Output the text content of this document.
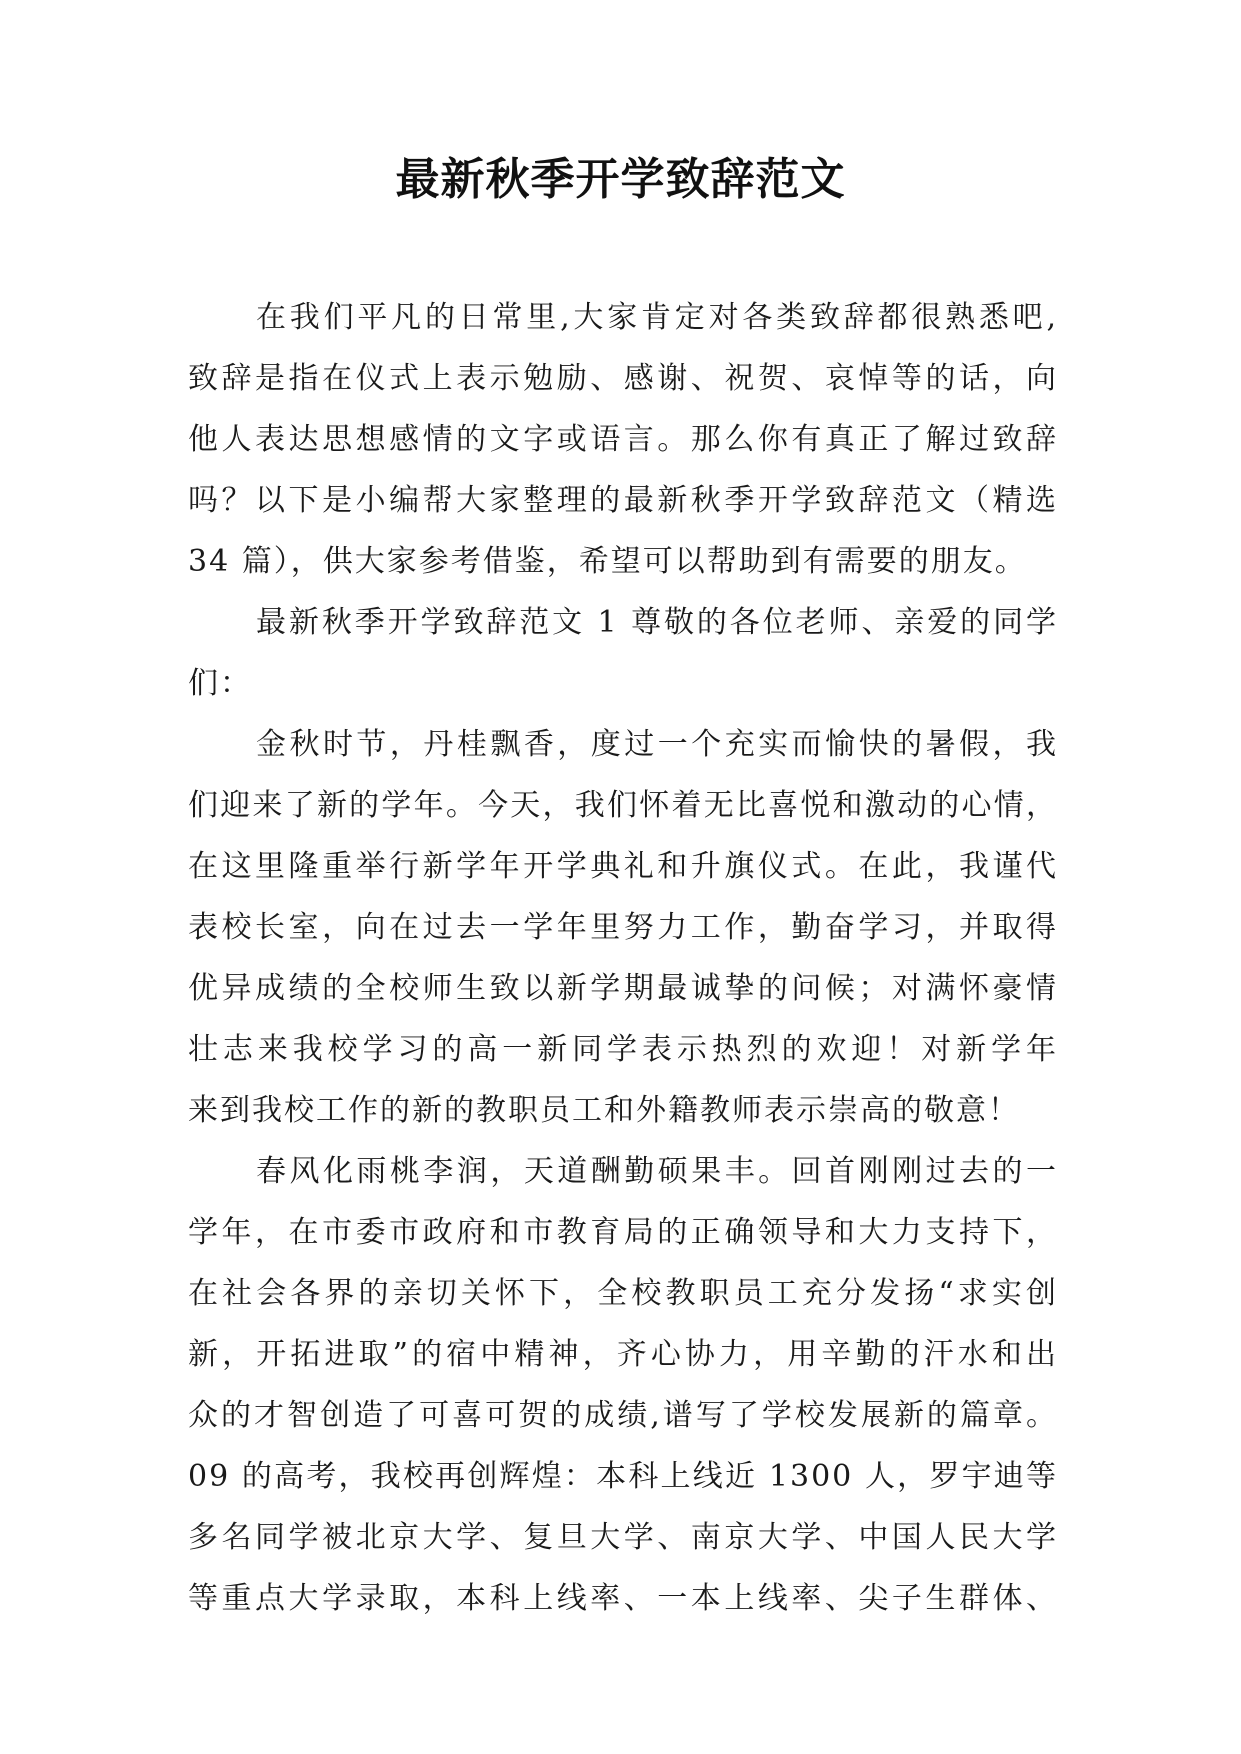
最新秋季开学致辞范文
在我们平凡的日常里,大家肯定对各类致辞都很熟悉吧,
致辞是指在仪式上表示勉励、感谢、祝贺、哀悼等的话，向
他人表达思想感情的文字或语言。那么你有真正了解过致辞
吗？以下是小编帮大家整理的最新秋季开学致辞范文（精选
34 篇），供大家参考借鉴，希望可以帮助到有需要的朋友。
最新秋季开学致辞范文 1 尊敬的各位老师、亲爱的同学
们：
金秋时节，丹桂飘香，度过一个充实而愉快的暑假，我
们迎来了新的学年。今天，我们怀着无比喜悦和激动的心情，
在这里隆重举行新学年开学典礼和升旗仪式。在此，我谨代
表校长室，向在过去一学年里努力工作，勤奋学习，并取得
优异成绩的全校师生致以新学期最诚挚的问候；对满怀豪情
壮志来我校学习的高一新同学表示热烈的欢迎！对新学年
来到我校工作的新的教职员工和外籍教师表示崇高的敬意！
春风化雨桃李润，天道酬勤硕果丰。回首刚刚过去的一
学年，在市委市政府和市教育局的正确领导和大力支持下，
在社会各界的亲切关怀下，全校教职员工充分发扬“求实创
新，开拓进取”的宿中精神，齐心协力，用辛勤的汗水和出
众的才智创造了可喜可贺的成绩,谱写了学校发展新的篇章。
09 的高考，我校再创辉煌：本科上线近 1300 人，罗宇迪等
多名同学被北京大学、复旦大学、南京大学、中国人民大学
等重点大学录取，本科上线率、一本上线率、尖子生群体、
